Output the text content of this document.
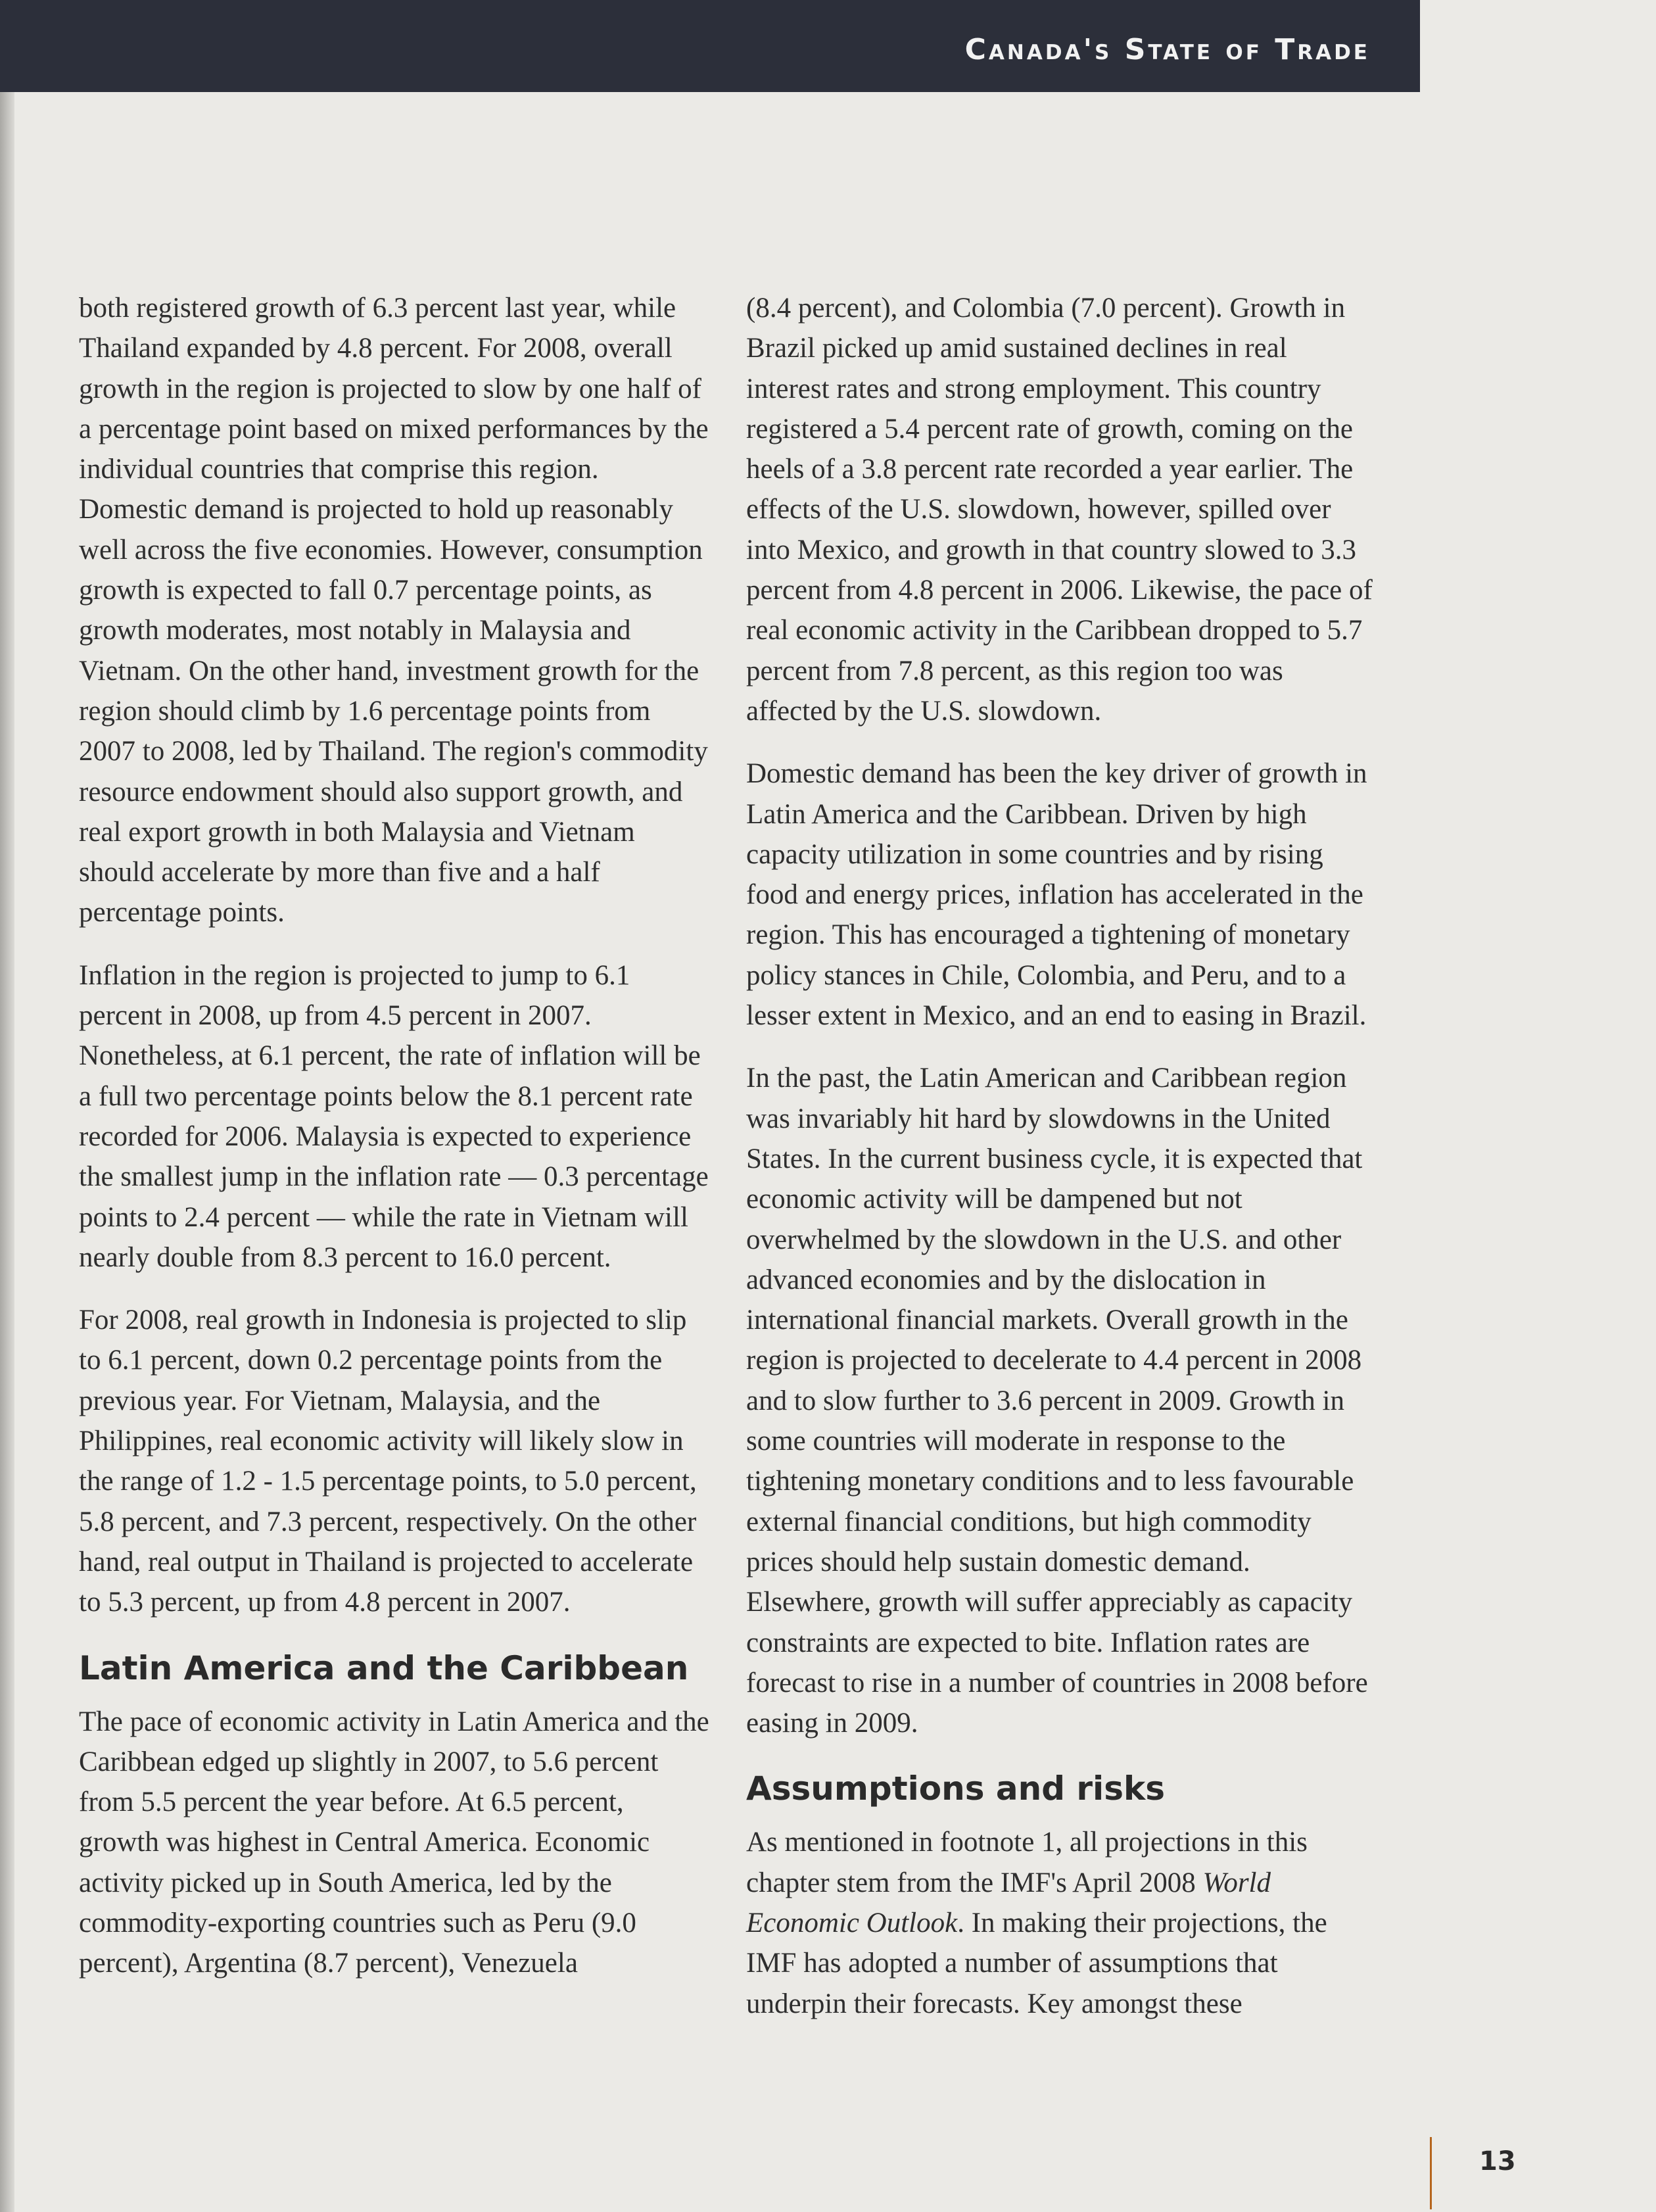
Canada's State of Trade

both registered growth of 6.3 percent last year, while Thailand expanded by 4.8 percent. For 2008, overall growth in the region is projected to slow by one half of a percentage point based on mixed performances by the individual countries that comprise this region. Domestic demand is projected to hold up reasonably well across the five economies. However, consumption growth is expected to fall 0.7 percentage points, as growth moderates, most notably in Malaysia and Vietnam. On the other hand, investment growth for the region should climb by 1.6 percentage points from 2007 to 2008, led by Thailand. The region's commodity resource endowment should also support growth, and real export growth in both Malaysia and Vietnam should accelerate by more than five and a half percentage points.

Inflation in the region is projected to jump to 6.1 percent in 2008, up from 4.5 percent in 2007. Nonetheless, at 6.1 percent, the rate of inflation will be a full two percentage points below the 8.1 percent rate recorded for 2006. Malaysia is expected to experience the smallest jump in the inflation rate — 0.3 percentage points to 2.4 percent — while the rate in Vietnam will nearly double from 8.3 percent to 16.0 percent.

For 2008, real growth in Indonesia is projected to slip to 6.1 percent, down 0.2 percentage points from the previous year. For Vietnam, Malaysia, and the Philippines, real economic activity will likely slow in the range of 1.2 - 1.5 percentage points, to 5.0 percent, 5.8 percent, and 7.3 percent, respectively. On the other hand, real output in Thailand is projected to accelerate to 5.3 percent, up from 4.8 percent in 2007.

Latin America and the Caribbean

The pace of economic activity in Latin America and the Caribbean edged up slightly in 2007, to 5.6 percent from 5.5 percent the year before. At 6.5 percent, growth was highest in Central America. Economic activity picked up in South America, led by the commodity-exporting countries such as Peru (9.0 percent), Argentina (8.7 percent), Venezuela

(8.4 percent), and Colombia (7.0 percent). Growth in Brazil picked up amid sustained declines in real interest rates and strong employment. This country registered a 5.4 percent rate of growth, coming on the heels of a 3.8 percent rate recorded a year earlier. The effects of the U.S. slowdown, however, spilled over into Mexico, and growth in that country slowed to 3.3 percent from 4.8 percent in 2006. Likewise, the pace of real economic activity in the Caribbean dropped to 5.7 percent from 7.8 percent, as this region too was affected by the U.S. slowdown.

Domestic demand has been the key driver of growth in Latin America and the Caribbean. Driven by high capacity utilization in some countries and by rising food and energy prices, inflation has accelerated in the region. This has encouraged a tightening of monetary policy stances in Chile, Colombia, and Peru, and to a lesser extent in Mexico, and an end to easing in Brazil.

In the past, the Latin American and Caribbean region was invariably hit hard by slowdowns in the United States. In the current business cycle, it is expected that economic activity will be dampened but not overwhelmed by the slowdown in the U.S. and other advanced economies and by the dislocation in international financial markets. Overall growth in the region is projected to decelerate to 4.4 percent in 2008 and to slow further to 3.6 percent in 2009. Growth in some countries will moderate in response to the tightening monetary conditions and to less favourable external financial conditions, but high commodity prices should help sustain domestic demand. Elsewhere, growth will suffer appreciably as capacity constraints are expected to bite. Inflation rates are forecast to rise in a number of countries in 2008 before easing in 2009.

Assumptions and risks

As mentioned in footnote 1, all projections in this chapter stem from the IMF's April 2008 World Economic Outlook. In making their projections, the IMF has adopted a number of assumptions that underpin their forecasts. Key amongst these

13
